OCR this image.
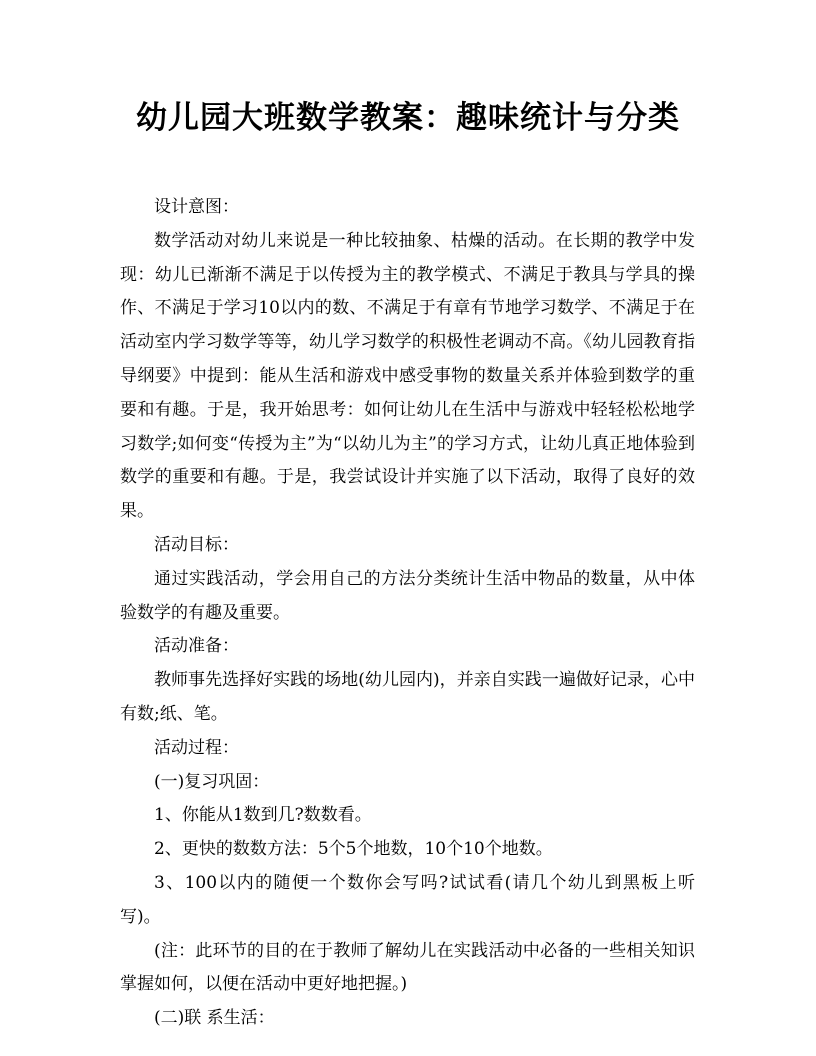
幼儿园大班数学教案：趣味统计与分类

设计意图：

数学活动对幼儿来说是一种比较抽象、枯燥的活动。在长期的教学中发现：幼儿已渐渐不满足于以传授为主的教学模式、不满足于教具与学具的操作、不满足于学习10以内的数、不满足于有章有节地学习数学、不满足于在活动室内学习数学等等，幼儿学习数学的积极性老调动不高。《幼儿园教育指导纲要》中提到：能从生活和游戏中感受事物的数量关系并体验到数学的重要和有趣。于是，我开始思考：如何让幼儿在生活中与游戏中轻轻松松地学习数学;如何变“传授为主”为“以幼儿为主”的学习方式，让幼儿真正地体验到数学的重要和有趣。于是，我尝试设计并实施了以下活动，取得了良好的效果。

活动目标：

通过实践活动，学会用自己的方法分类统计生活中物品的数量，从中体验数学的有趣及重要。

活动准备：

教师事先选择好实践的场地(幼儿园内)，并亲自实践一遍做好记录，心中有数;纸、笔。

活动过程：

(一)复习巩固：

1、你能从1数到几?数数看。

2、更快的数数方法：5个5个地数，10个10个地数。

3、100以内的随便一个数你会写吗?试试看(请几个幼儿到黑板上听写)。

(注：此环节的目的在于教师了解幼儿在实践活动中必备的一些相关知识掌握如何，以便在活动中更好地把握。)

(二)联 系生活：
